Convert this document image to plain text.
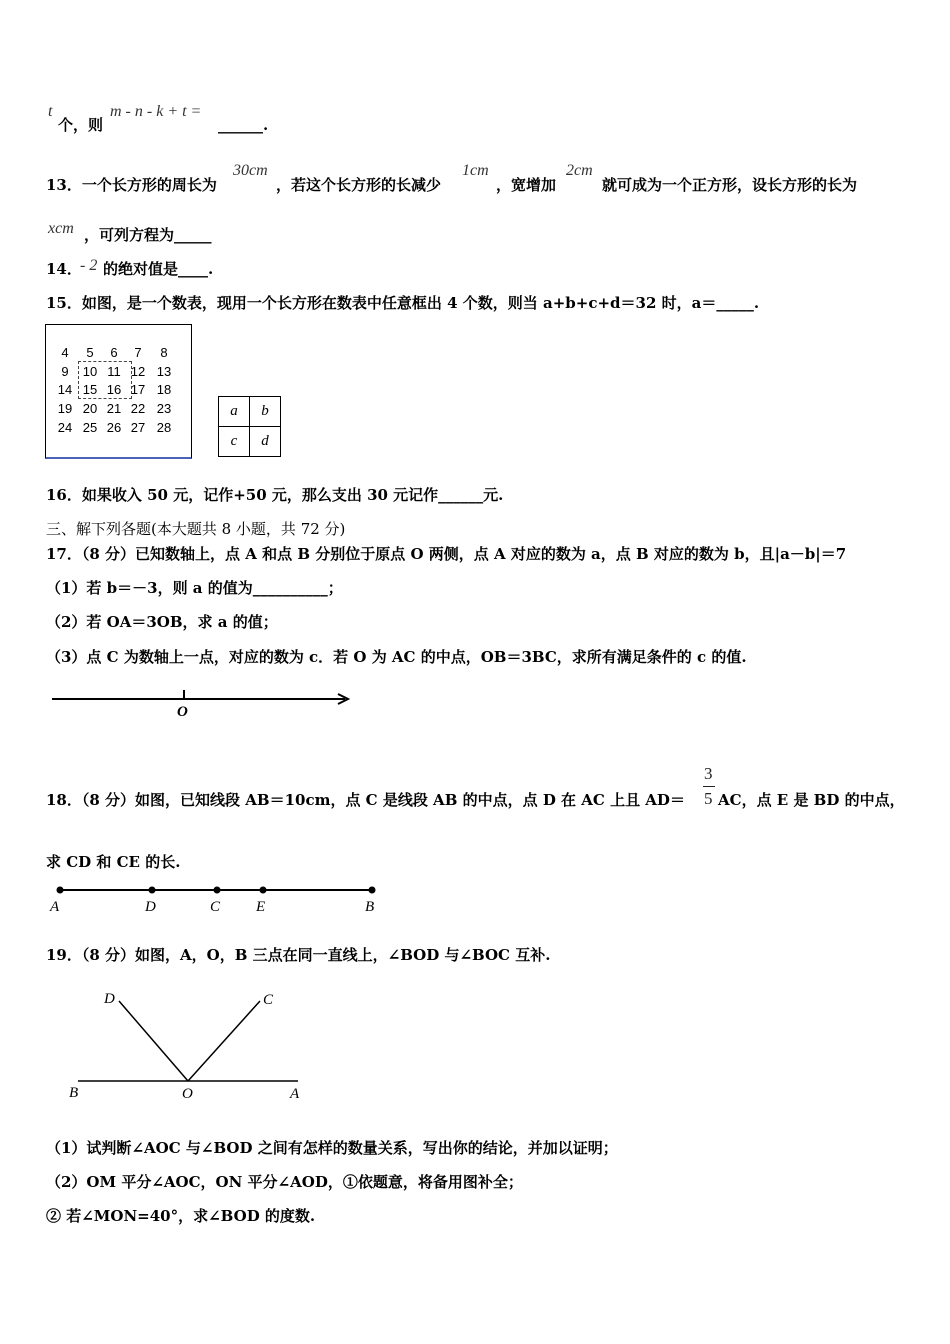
t
个，则
m - n - k + t =
______.
13．一个长方形的周长为
30cm
，若这个长方形的长减少
1cm
，宽增加
2cm
就可成为一个正方形，设长方形的长为
xcm ，可列方程为_____
14．
- 2 的绝对值是____.
15．如图，是一个数表，现用一个长方形在数表中任意框出 4 个数，则当 a+b+c+d＝32 时，a＝_____.
4	5	6	7	8
9	10 11 12 13
14 15 16 17 18
19 20 21 22 23
24 25 26 27 28
a	b
c	d
16．如果收入 50 元，记作+50 元，那么支出 30 元记作______元.
三、解下列各题(本大题共 8 小题，共 72 分)
17．（8 分）已知数轴上，点 A 和点 B 分别位于原点 O 两侧，点 A 对应的数为 a，点 B 对应的数为 b，且|a－b|＝7
（1）若 b＝－3，则 a 的值为__________；
（2）若 OA＝3OB，求 a 的值；
（3）点 C 为数轴上一点，对应的数为 c．若 O 为 AC 的中点，OB＝3BC，求所有满足条件的 c 的值.
O
18．（8 分）如图，已知线段 AB＝10cm，点 C 是线段 AB 的中点，点 D 在 AC 上且 AD＝
3
5 AC，点 E 是 BD 的中点，
求 CD 和 CE 的长.
A	D	C E	B
19．（8 分）如图，A，O，B 三点在同一直线上，∠BOD 与∠BOC 互补.
D	C
B	O	A
（1）试判断∠AOC 与∠BOD 之间有怎样的数量关系，写出你的结论，并加以证明；
（2）OM 平分∠AOC，ON 平分∠AOD，①依题意，将备用图补全；
② 若∠MON=40°，求∠BOD 的度数.
